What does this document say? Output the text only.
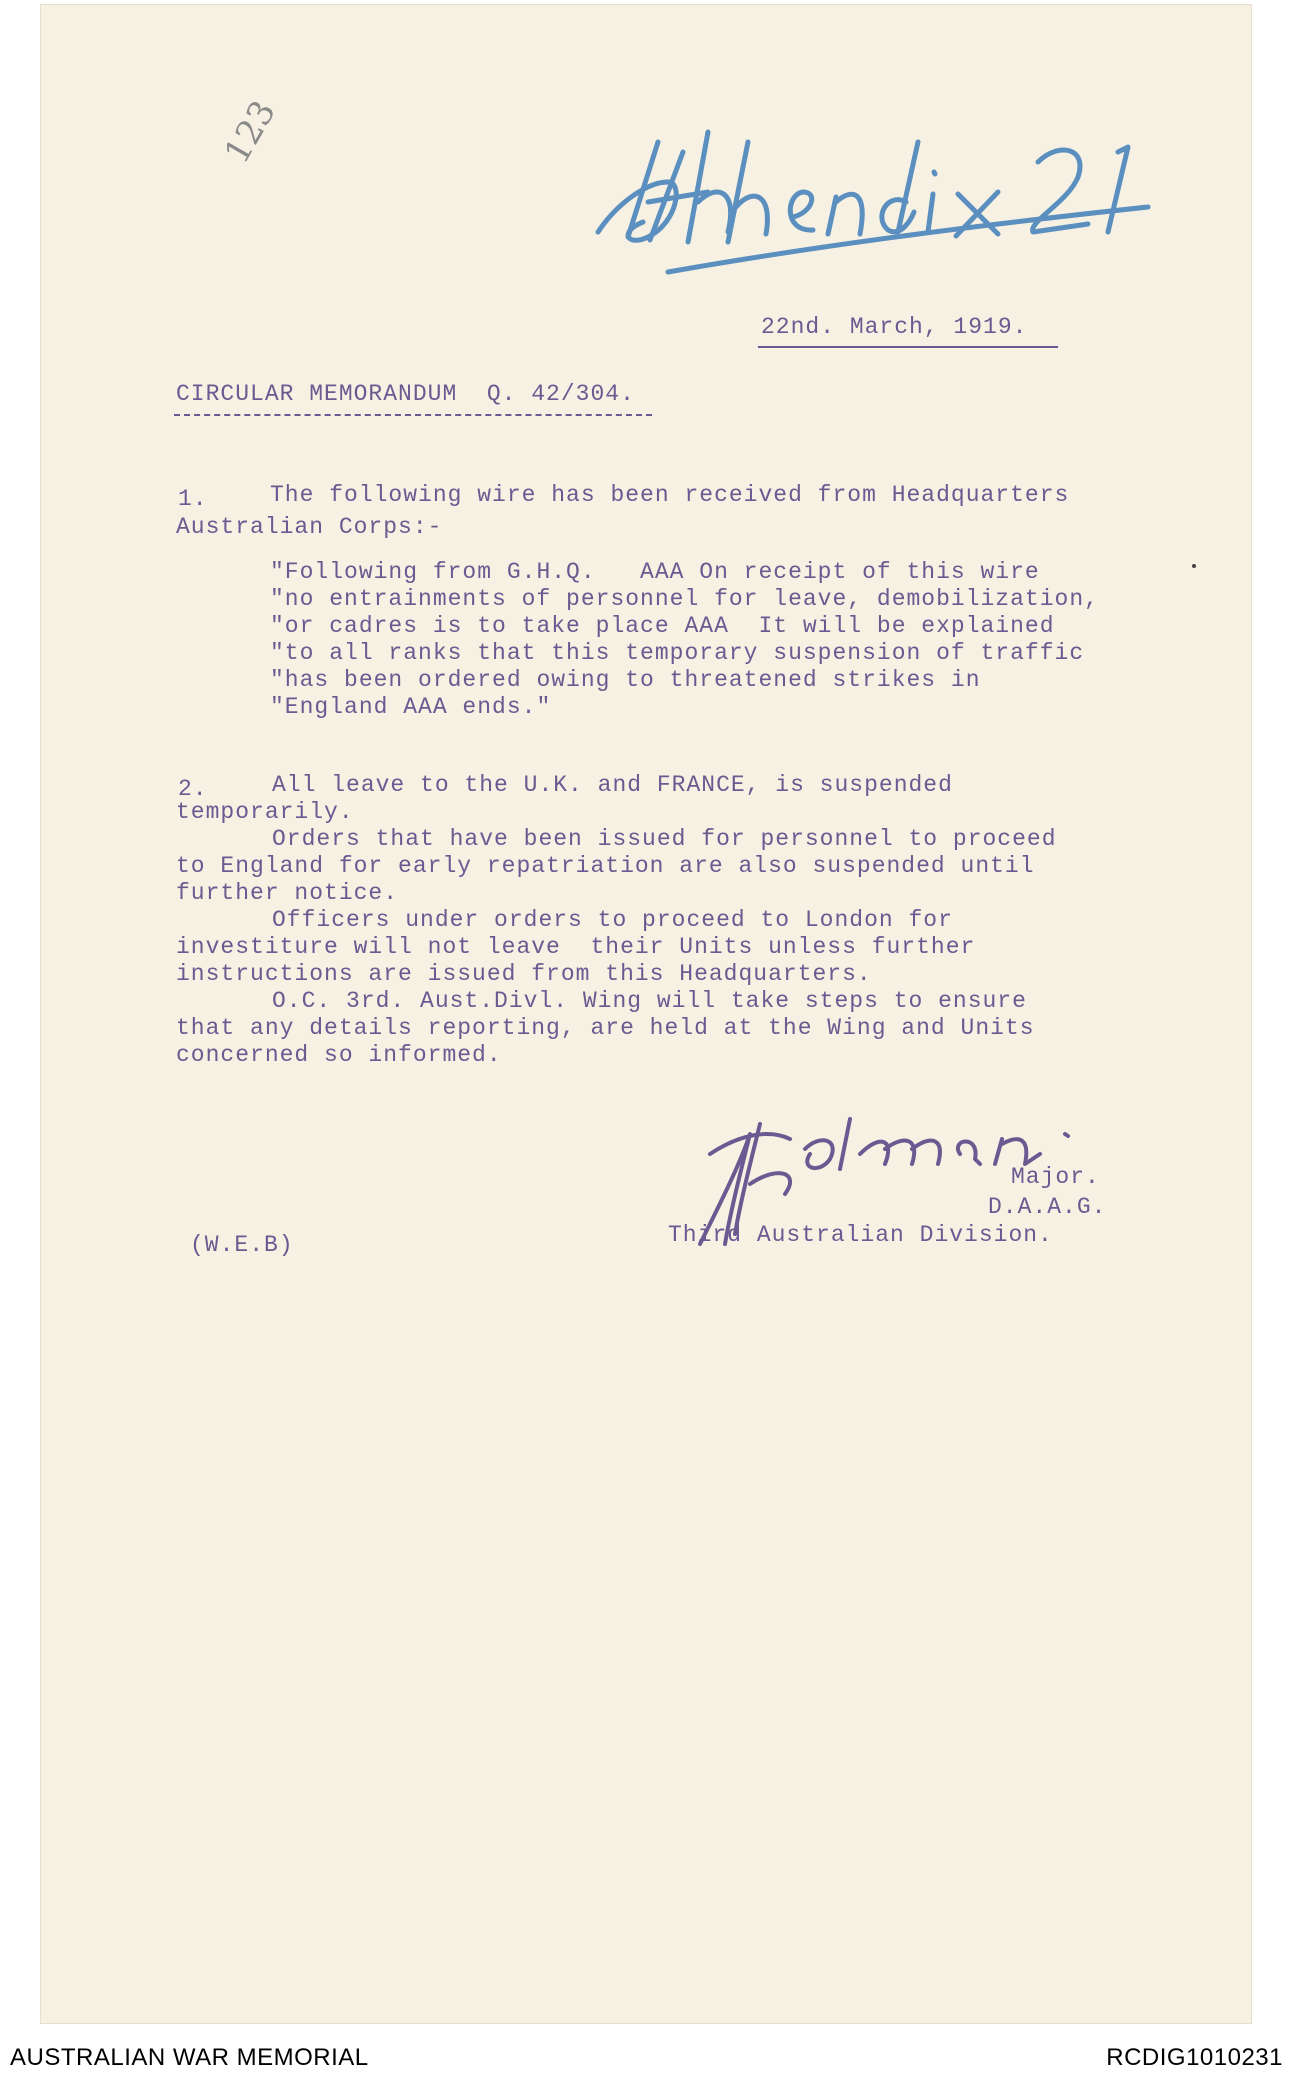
123
22nd. March, 1919.
CIRCULAR MEMORANDUM  Q. 42/304.
1.	The following wire has been received from Headquarters
Australian Corps:-
"Following from G.H.Q.   AAA On receipt of this wire
"no entrainments of personnel for leave, demobilization,
"or cadres is to take place AAA  It will be explained
"to all ranks that this temporary suspension of traffic
"has been ordered owing to threatened strikes in
"England AAA ends."
2.	All leave to the U.K. and FRANCE, is suspended
temporarily.
Orders that have been issued for personnel to proceed
to England for early repatriation are also suspended until
further notice.
Officers under orders to proceed to London for
investiture will not leave  their Units unless further
instructions are issued from this Headquarters.
O.C. 3rd. Aust.Divl. Wing will take steps to ensure
that any details reporting, are held at the Wing and Units
concerned so informed.
Major.
D.A.A.G.
Third Australian Division.
(W.E.B)
AUSTRALIAN WAR MEMORIAL	RCDIG1010231
